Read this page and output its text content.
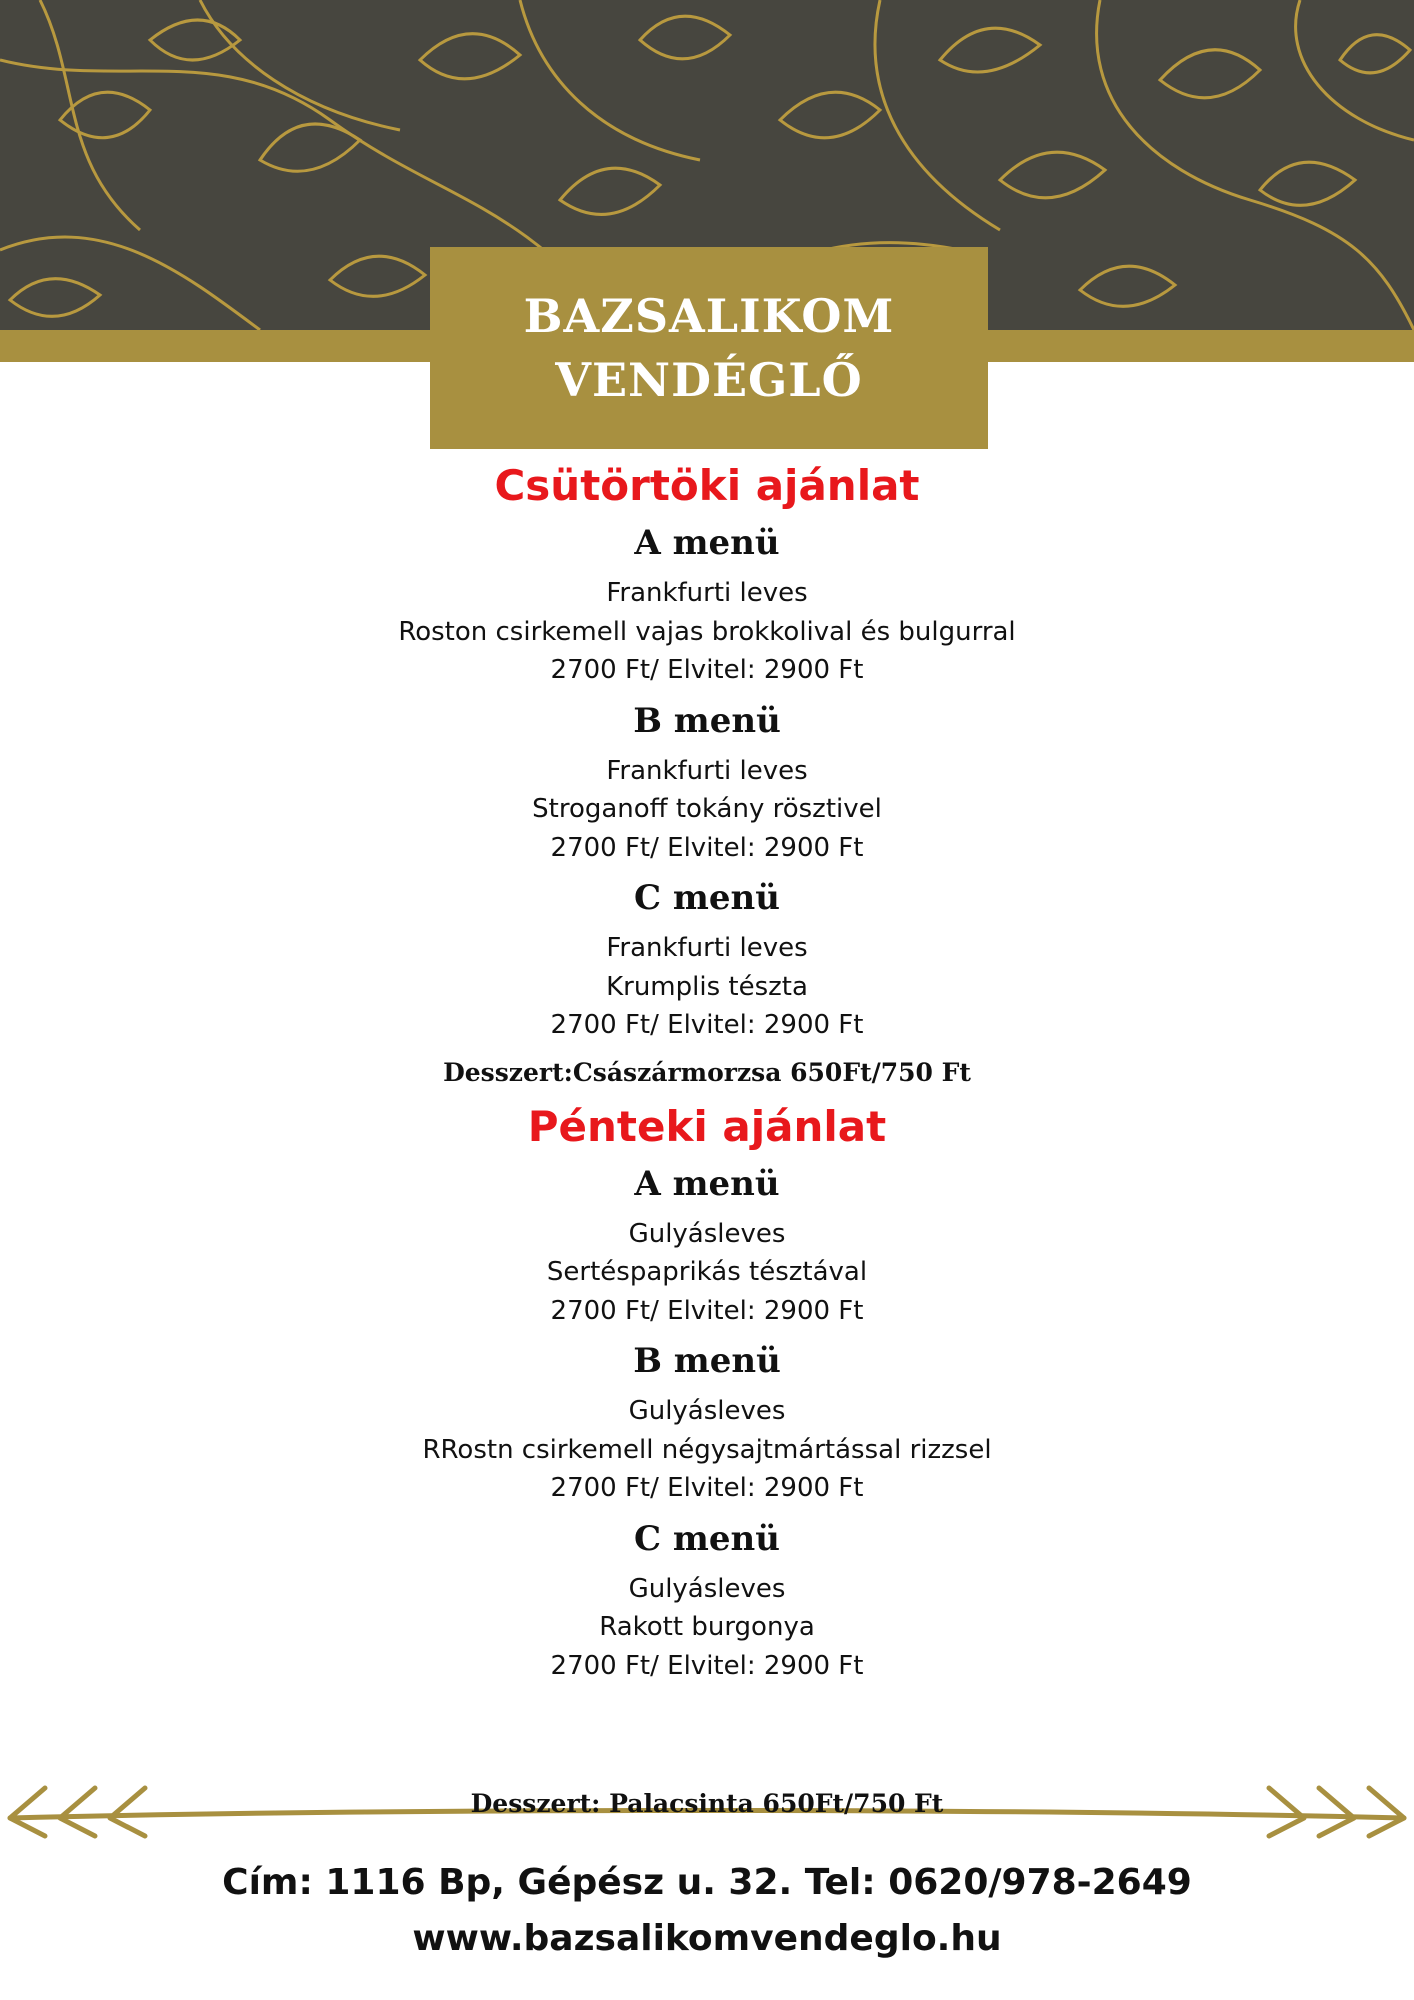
BAZSALIKOM
VENDÉGLŐ
Csütörtöki ajánlat
A menü
Frankfurti leves
Roston csirkemell vajas brokkolival és bulgurral
2700 Ft/ Elvitel: 2900 Ft
B menü
Frankfurti leves
Stroganoff tokány rösztivel
2700 Ft/ Elvitel: 2900 Ft
C menü
Frankfurti leves
Krumplis tészta
2700 Ft/ Elvitel: 2900 Ft
Desszert:Császármorzsa 650Ft/750 Ft
Pénteki ajánlat
A menü
Gulyásleves
Sertéspaprikás tésztával
2700 Ft/ Elvitel: 2900 Ft
B menü
Gulyásleves
RRostn csirkemell négysajtmártással rizzsel
2700 Ft/ Elvitel: 2900 Ft
C menü
Gulyásleves
Rakott burgonya
2700 Ft/ Elvitel: 2900 Ft
Desszert: Palacsinta 650Ft/750 Ft
Cím: 1116 Bp, Gépész u. 32. Tel: 0620/978-2649
www.bazsalikomvendeglo.hu
